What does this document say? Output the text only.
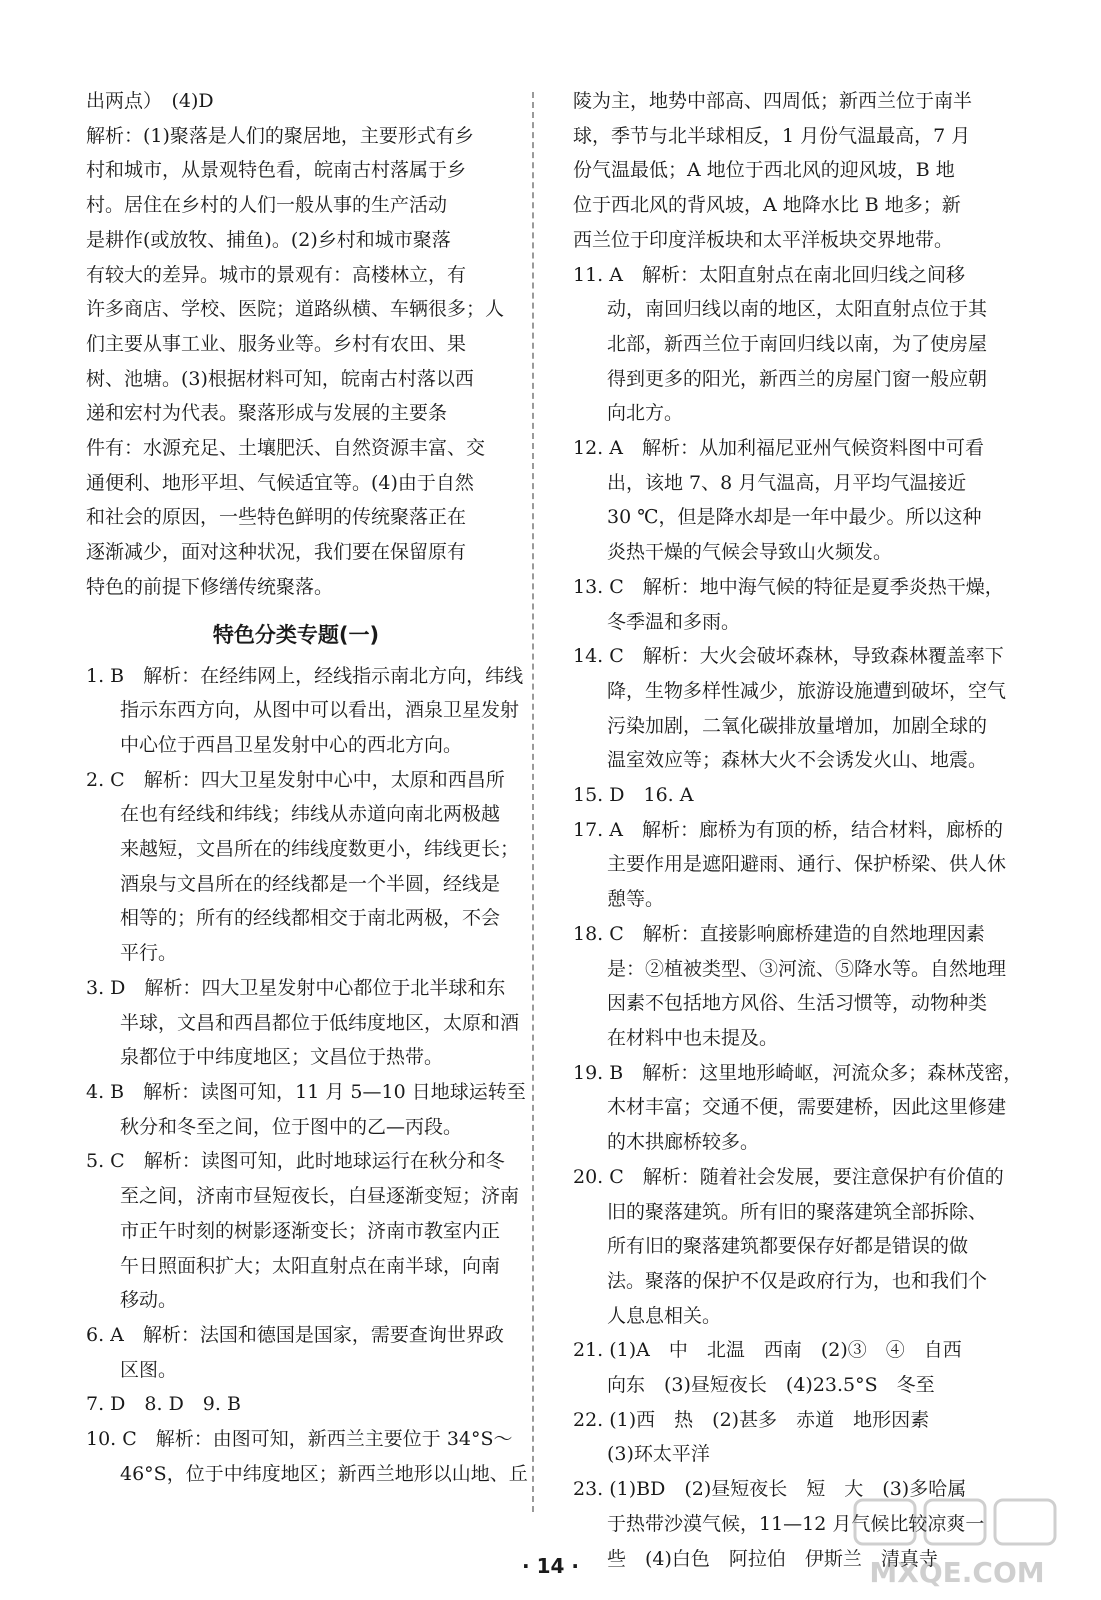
出两点）　(4)D

解析：(1)聚落是人们的聚居地，主要形式有乡

村和城市，从景观特色看，皖南古村落属于乡

村。居住在乡村的人们一般从事的生产活动

是耕作(或放牧、捕鱼)。(2)乡村和城市聚落

有较大的差异。城市的景观有：高楼林立，有

许多商店、学校、医院；道路纵横、车辆很多；人

们主要从事工业、服务业等。乡村有农田、果

树、池塘。(3)根据材料可知，皖南古村落以西

递和宏村为代表。聚落形成与发展的主要条

件有：水源充足、土壤肥沃、自然资源丰富、交

通便利、地形平坦、气候适宜等。(4)由于自然

和社会的原因，一些特色鲜明的传统聚落正在

逐渐减少，面对这种状况，我们要在保留原有

特色的前提下修缮传统聚落。

特色分类专题(一)
1. B　解析：在经纬网上，经线指示南北方向，纬线
指示东西方向，从图中可以看出，酒泉卫星发射
中心位于西昌卫星发射中心的西北方向。
2. C　解析：四大卫星发射中心中，太原和西昌所
在也有经线和纬线；纬线从赤道向南北两极越
来越短，文昌所在的纬线度数更小，纬线更长；
酒泉与文昌所在的经线都是一个半圆，经线是
相等的；所有的经线都相交于南北两极，不会
平行。
3. D　解析：四大卫星发射中心都位于北半球和东
半球，文昌和西昌都位于低纬度地区，太原和酒
泉都位于中纬度地区；文昌位于热带。
4. B　解析：读图可知，11 月 5—10 日地球运转至
秋分和冬至之间，位于图中的乙—丙段。
5. C　解析：读图可知，此时地球运行在秋分和冬
至之间，济南市昼短夜长，白昼逐渐变短；济南
市正午时刻的树影逐渐变长；济南市教室内正
午日照面积扩大；太阳直射点在南半球，向南
移动。
6. A　解析：法国和德国是国家，需要查询世界政
区图。
7. D　8. D　9. B
10. C　解析：由图可知，新西兰主要位于 34°S～
46°S，位于中纬度地区；新西兰地形以山地、丘

陵为主，地势中部高、四周低；新西兰位于南半

球，季节与北半球相反，1 月份气温最高，7 月

份气温最低；A 地位于西北风的迎风坡，B 地

位于西北风的背风坡，A 地降水比 B 地多；新

西兰位于印度洋板块和太平洋板块交界地带。

11. A　解析：太阳直射点在南北回归线之间移
动，南回归线以南的地区，太阳直射点位于其
北部，新西兰位于南回归线以南，为了使房屋
得到更多的阳光，新西兰的房屋门窗一般应朝
向北方。
12. A　解析：从加利福尼亚州气候资料图中可看
出，该地 7、8 月气温高，月平均气温接近
30 ℃，但是降水却是一年中最少。所以这种
炎热干燥的气候会导致山火频发。
13. C　解析：地中海气候的特征是夏季炎热干燥，
冬季温和多雨。
14. C　解析：大火会破坏森林，导致森林覆盖率下
降，生物多样性减少，旅游设施遭到破坏，空气
污染加剧，二氧化碳排放量增加，加剧全球的
温室效应等；森林大火不会诱发火山、地震。
15. D　16. A
17. A　解析：廊桥为有顶的桥，结合材料，廊桥的
主要作用是遮阳避雨、通行、保护桥梁、供人休
憩等。
18. C　解析：直接影响廊桥建造的自然地理因素
是：②植被类型、③河流、⑤降水等。自然地理
因素不包括地方风俗、生活习惯等，动物种类
在材料中也未提及。
19. B　解析：这里地形崎岖，河流众多；森林茂密，
木材丰富；交通不便，需要建桥，因此这里修建
的木拱廊桥较多。
20. C　解析：随着社会发展，要注意保护有价值的
旧的聚落建筑。所有旧的聚落建筑全部拆除、
所有旧的聚落建筑都要保存好都是错误的做
法。聚落的保护不仅是政府行为，也和我们个
人息息相关。
21. (1)A　中　北温　西南　(2)③　④　自西
向东　(3)昼短夜长　(4)23.5°S　冬至
22. (1)西　热　(2)甚多　赤道　地形因素
(3)环太平洋
23. (1)BD　(2)昼短夜长　短　大　(3)多哈属
于热带沙漠气候，11—12 月气候比较凉爽一
些　(4)白色　阿拉伯　伊斯兰　清真寺
· 14 ·	MXQE.COM
